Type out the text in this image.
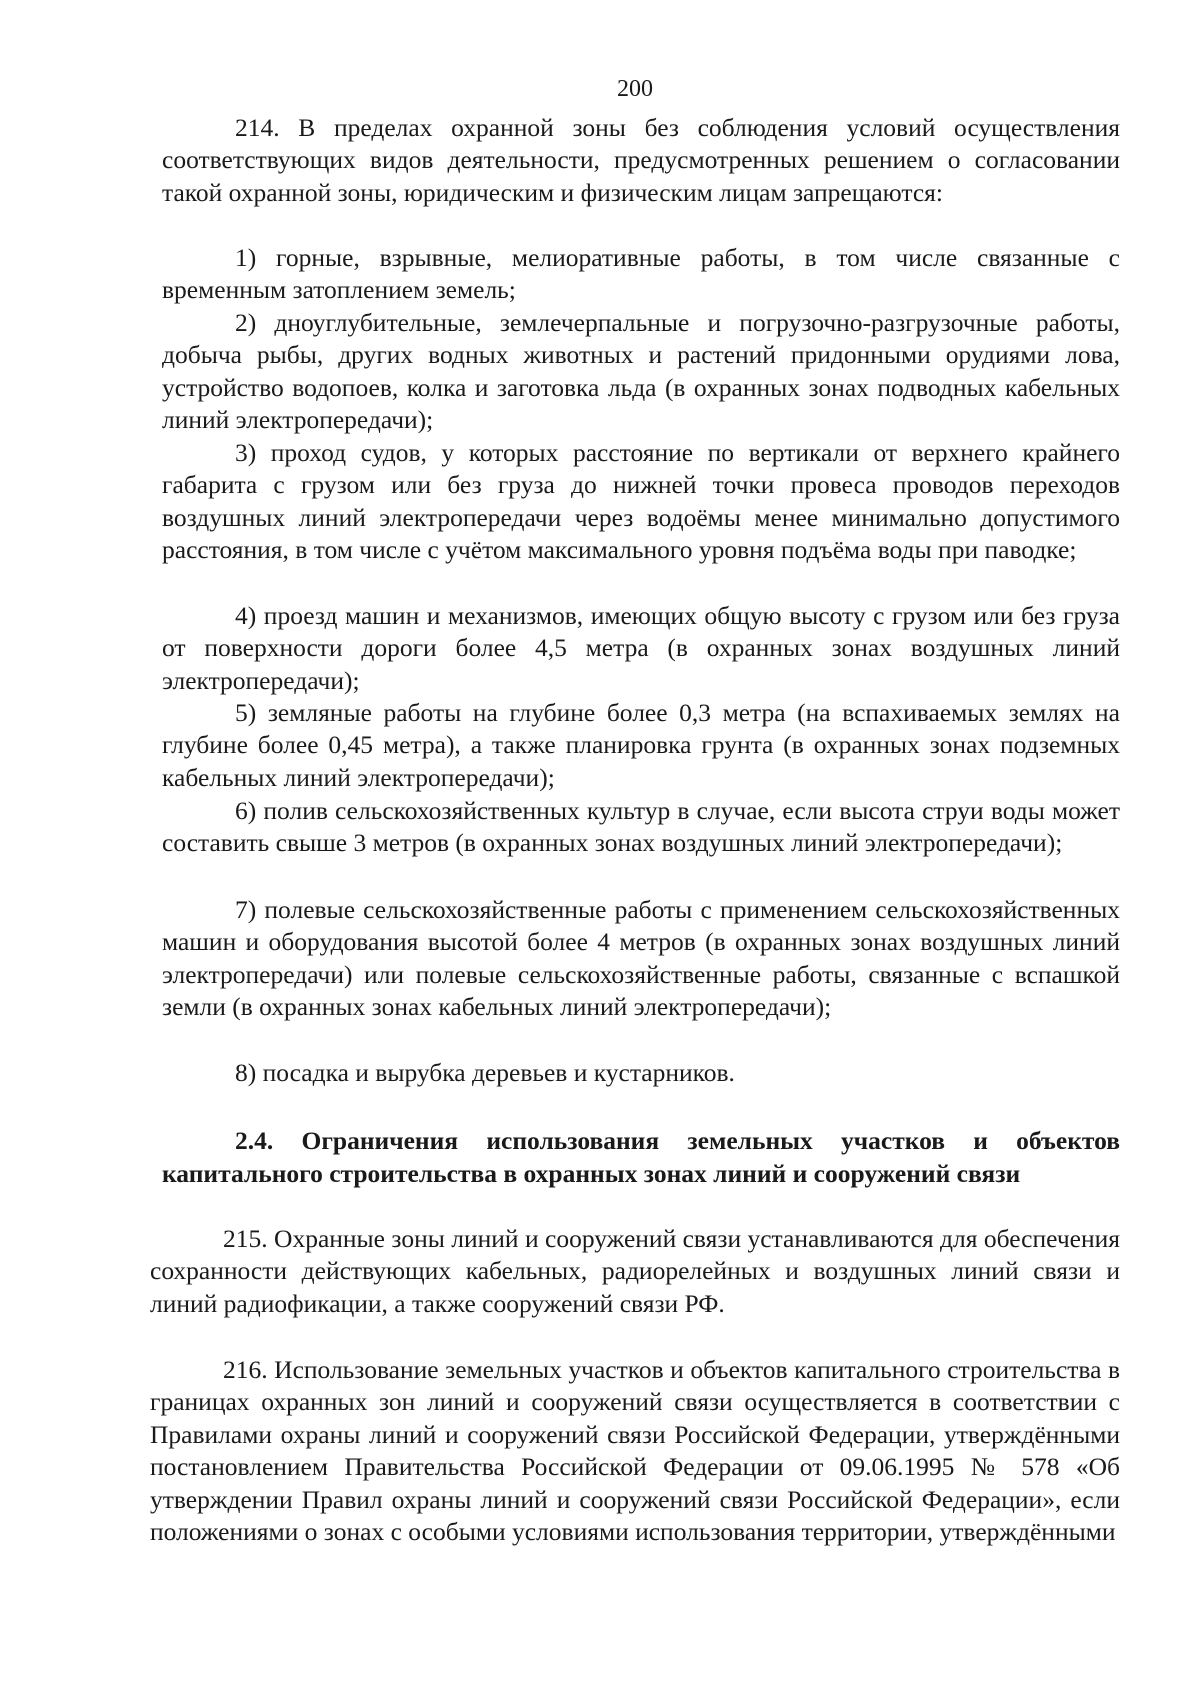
200
214. В пределах охранной зоны без соблюдения условий осуществления соответствующих видов деятельности, предусмотренных решением о согласовании такой охранной зоны, юридическим и физическим лицам запрещаются:
1) горные, взрывные, мелиоративные работы, в том числе связанные с временным затоплением земель;
2) дноуглубительные, землечерпальные и погрузочно-разгрузочные работы, добыча рыбы, других водных животных и растений придонными орудиями лова, устройство водопоев, колка и заготовка льда (в охранных зонах подводных кабельных линий электропередачи);
3) проход судов, у которых расстояние по вертикали от верхнего крайнего габарита с грузом или без груза до нижней точки провеса проводов переходов воздушных линий электропередачи через водоёмы менее минимально допустимого расстояния, в том числе с учётом максимального уровня подъёма воды при паводке;
4) проезд машин и механизмов, имеющих общую высоту с грузом или без груза от поверхности дороги более 4,5 метра (в охранных зонах воздушных линий электропередачи);
5) земляные работы на глубине более 0,3 метра (на вспахиваемых землях на глубине более 0,45 метра), а также планировка грунта (в охранных зонах подземных кабельных линий электропередачи);
6) полив сельскохозяйственных культур в случае, если высота струи воды может составить свыше 3 метров (в охранных зонах воздушных линий электропередачи);
7) полевые сельскохозяйственные работы с применением сельскохозяйственных машин и оборудования высотой более 4 метров (в охранных зонах воздушных линий электропередачи) или полевые сельскохозяйственные работы, связанные с вспашкой земли (в охранных зонах кабельных линий электропередачи);
8) посадка и вырубка деревьев и кустарников.
2.4. Ограничения использования земельных участков и объектов капитального строительства в охранных зонах линий и сооружений связи
215. Охранные зоны линий и сооружений связи устанавливаются для обеспечения сохранности действующих кабельных, радиорелейных и воздушных линий связи и линий радиофикации, а также сооружений связи РФ.
216. Использование земельных участков и объектов капитального строительства в границах охранных зон линий и сооружений связи осуществляется в соответствии с Правилами охраны линий и сооружений связи Российской Федерации, утверждёнными постановлением Правительства Российской Федерации от 09.06.1995 № 578 «Об утверждении Правил охраны линий и сооружений связи Российской Федерации», если положениями о зонах с особыми условиями использования территории, утверждёнными
